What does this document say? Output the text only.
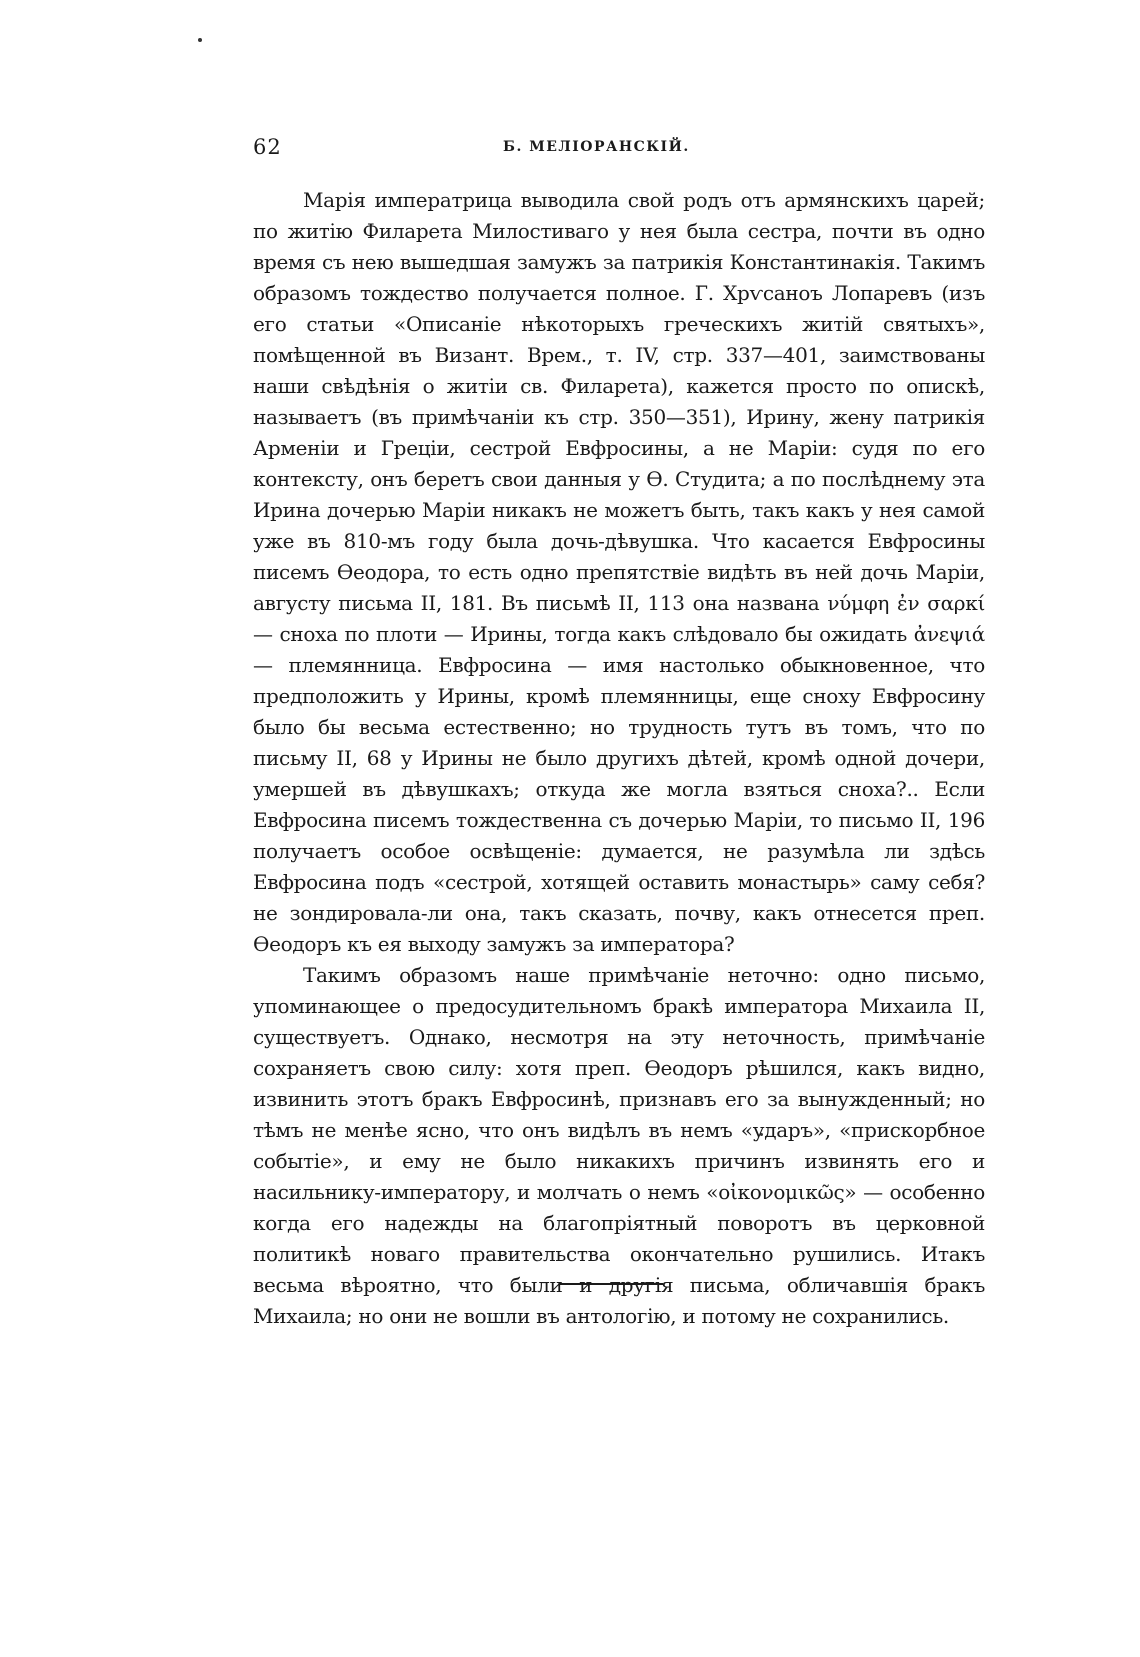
62	Б. МЕЛІОРАНСКІЙ.

Марія императрица выводила свой родъ отъ армянскихъ царей; по житію Филарета Милостиваго у нея была сестра, почти въ одно время съ нею вышедшая замужъ за патрикія Константинакія. Такимъ образомъ тождество получается полное. Г. Хрѵсаноъ Лопаревъ (изъ его статьи «Описаніе нѣкоторыхъ греческихъ житій святыхъ», помѣщенной въ Визант. Врем., т. IV, стр. 337—401, заимствованы наши свѣдѣнія о житіи св. Филарета), кажется просто по опискѣ, называетъ (въ примѣчаніи къ стр. 350—351), Ирину, жену патрикія Арменіи и Греціи, сестрой Евфросины, а не Маріи: судя по его контексту, онъ беретъ свои данныя у Ѳ. Студита; а по послѣднему эта Ирина дочерью Маріи никакъ не можетъ быть, такъ какъ у нея самой уже въ 810-мъ году была дочь-дѣвушка. Что касается Евфросины писемъ Ѳеодора, то есть одно препятствіе видѣть въ ней дочь Маріи, августу письма II, 181. Въ письмѣ II, 113 она названа νύμφη ἐν σαρκί — сноха по плоти — Ирины, тогда какъ слѣдовало бы ожидать ἀνεψιά — племянница. Евфросина — имя настолько обыкновенное, что предположить у Ирины, кромѣ племянницы, еще сноху Евфросину было бы весьма естественно; но трудность тутъ въ томъ, что по письму II, 68 у Ирины не было другихъ дѣтей, кромѣ одной дочери, умершей въ дѣвушкахъ; откуда же могла взяться сноха?.. Если Евфросина писемъ тождественна съ дочерью Маріи, то письмо II, 196 получаетъ особое освѣщеніе: думается, не разумѣла ли здѣсь Евфросина подъ «сестрой, хотящей оставить монастырь» саму себя? не зондировала-ли она, такъ сказать, почву, какъ отнесется преп. Ѳеодоръ къ ея выходу замужъ за императора?

Такимъ образомъ наше примѣчаніе неточно: одно письмо, упоминающее о предосудительномъ бракѣ императора Михаила II, существуетъ. Однако, несмотря на эту неточность, примѣчаніе сохраняетъ свою силу: хотя преп. Ѳеодоръ рѣшился, какъ видно, извинить этотъ бракъ Евфросинѣ, признавъ его за вынужденный; но тѣмъ не менѣе ясно, что онъ видѣлъ въ немъ «ударъ», «прискорбное событіе», и ему не было никакихъ причинъ извинять его и насильнику-императору, и молчать о немъ «οἰκονομικῶς» — особенно когда его надежды на благопріятный поворотъ въ церковной политикѣ новаго правительства окончательно рушились. Итакъ весьма вѣроятно, что были и другія письма, обличавшія бракъ Михаила; но они не вошли въ антологію, и потому не сохранились.
